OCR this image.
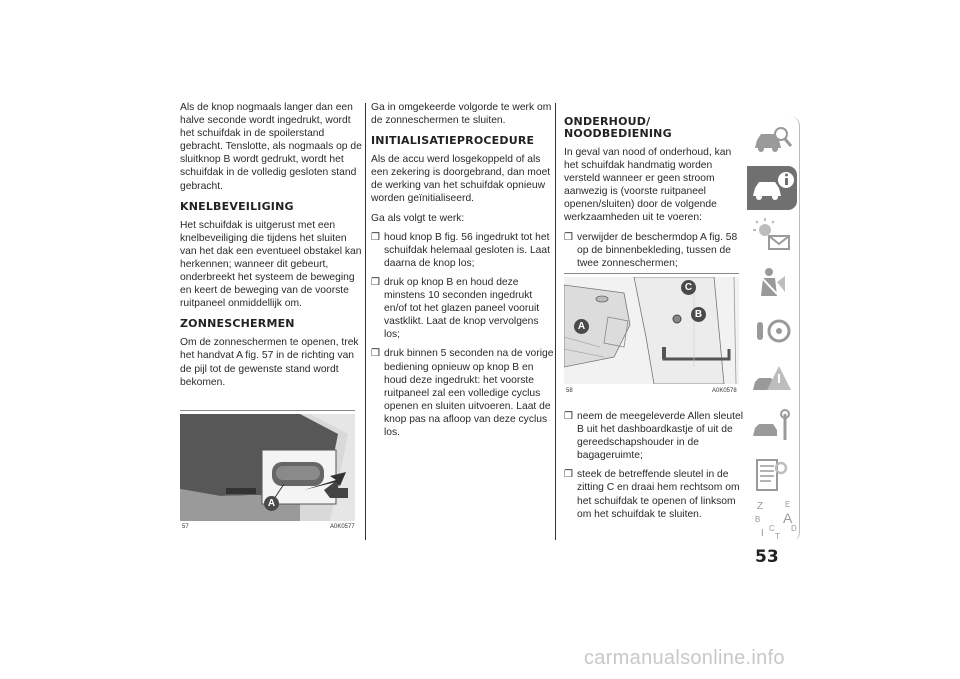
Als de knop nogmaals langer dan een halve seconde wordt ingedrukt, wordt het schuifdak in de spoilerstand gebracht. Tenslotte, als nogmaals op de sluitknop B wordt gedrukt, wordt het schuifdak in de volledig gesloten stand gebracht.

KNELBEVEILIGING

Het schuifdak is uitgerust met een knelbeveiliging die tijdens het sluiten van het dak een eventueel obstakel kan herkennen; wanneer dit gebeurt, onderbreekt het systeem de beweging en keert de beweging van de voorste ruitpaneel onmiddellijk om.

ZONNESCHERMEN

Om de zonneschermen te openen, trek het handvat A fig. 57 in de richting van de pijl tot de gewenste stand wordt bekomen.

A
57	A0K0577

Ga in omgekeerde volgorde te werk om de zonneschermen te sluiten.

INITIALISATIEPROCEDURE

Als de accu werd losgekoppeld of als een zekering is doorgebrand, dan moet de werking van het schuifdak opnieuw worden geïnitialiseerd.

Ga als volgt te werk:

❒ houd knop B fig. 56 ingedrukt tot het schuifdak helemaal gesloten is. Laat daarna de knop los;
❒ druk op knop B en houd deze minstens 10 seconden ingedrukt en/of tot het glazen paneel vooruit vastklikt. Laat de knop vervolgens los;
❒ druk binnen 5 seconden na de vorige bediening opnieuw op knop B en houd deze ingedrukt: het voorste ruitpaneel zal een volledige cyclus openen en sluiten uitvoeren. Laat de knop pas na afloop van deze cyclus los.
ONDERHOUD/
NOODBEDIENING

In geval van nood of onderhoud, kan het schuifdak handmatig worden versteld wanneer er geen stroom aanwezig is (voorste ruitpaneel openen/sluiten) door de volgende werkzaamheden uit te voeren:

❒ verwijder de beschermdop A fig. 58 op de binnenbekleding, tussen de twee zonneschermen;
A
C
B
58	A0K0578
❒ neem de meegeleverde Allen sleutel B uit het dashboardkastje of uit de gereedschapshouder in de bagageruimte;
❒ steek de betreffende sleutel in de zitting C en draai hem rechtsom om het schuifdak te openen of linksom om het schuifdak te sluiten.
Z	E
B A
I C
T
D
53
carmanualsonline.info
